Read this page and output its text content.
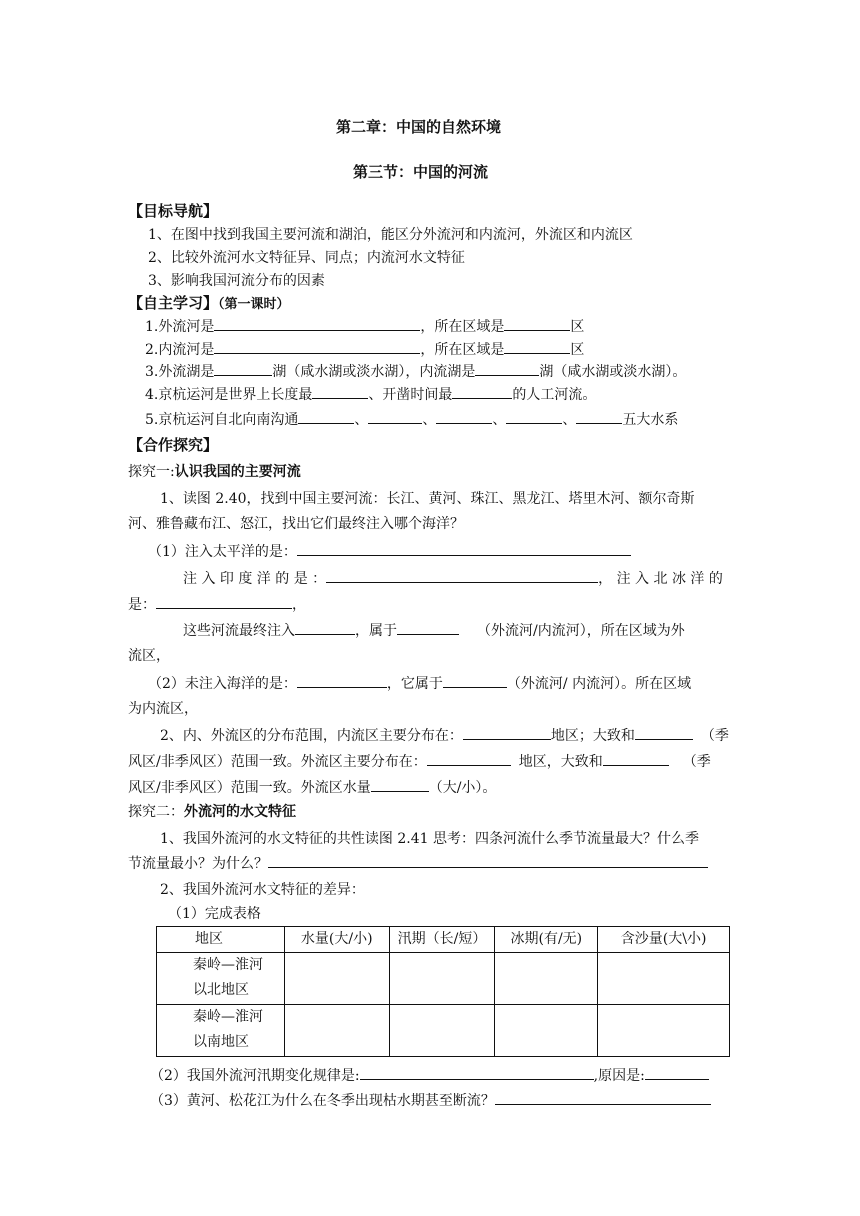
第二章：中国的自然环境
第三节：中国的河流
【目标导航】
1、在图中找到我国主要河流和湖泊，能区分外流河和内流河，外流区和内流区
2、比较外流河水文特征异、同点；内流河水文特征
3、影响我国河流分布的因素
【自主学习】（第一课时）
1.外流河是	，所在区域是	区
2.内流河是	，所在区域是	区
3.外流湖是	湖（咸水湖或淡水湖），内流湖是	湖（咸水湖或淡水湖）。
4.京杭运河是世界上长度最	、开凿时间最	的人工河流。
5.京杭运河自北向南沟通	、	、	、	、	五大水系
【合作探究】
探究一:认识我国的主要河流
1、读图 2.40，找到中国主要河流：长江、黄河、珠江、黑龙江、塔里木河、额尔奇斯
河、雅鲁藏布江、怒江，找出它们最终注入哪个海洋？
（1）注入太平洋的是：
注 入 印 度 洋 的 是 ：	， 注 入 北 冰 洋 的
是：	，
这些河流最终注入	，属于	（外流河/内流河），所在区域为外
流区，
（2）未注入海洋的是：	，它属于	（外流河/ 内流河）。所在区域
为内流区，
2、内、外流区的分布范围，内流区主要分布在：	地区；大致和	（季
风区/非季风区）范围一致。外流区主要分布在：	地区，大致和	（季
风区/非季风区）范围一致。外流区水量	（大/小）。
探究二：外流河的水文特征
1、我国外流河的水文特征的共性读图 2.41 思考：四条河流什么季节流量最大？什么季
节流量最小？为什么？
2、我国外流河水文特征的差异：
（1）完成表格
地区	水量(大/小)	汛期（长/短）	冰期(有/无)	含沙量(大\小)

秦岭—淮河
以北地区				

秦岭—淮河
以南地区				

（2）我国外流河汛期变化规律是:	,原因是:
（3）黄河、松花江为什么在冬季出现枯水期甚至断流？
